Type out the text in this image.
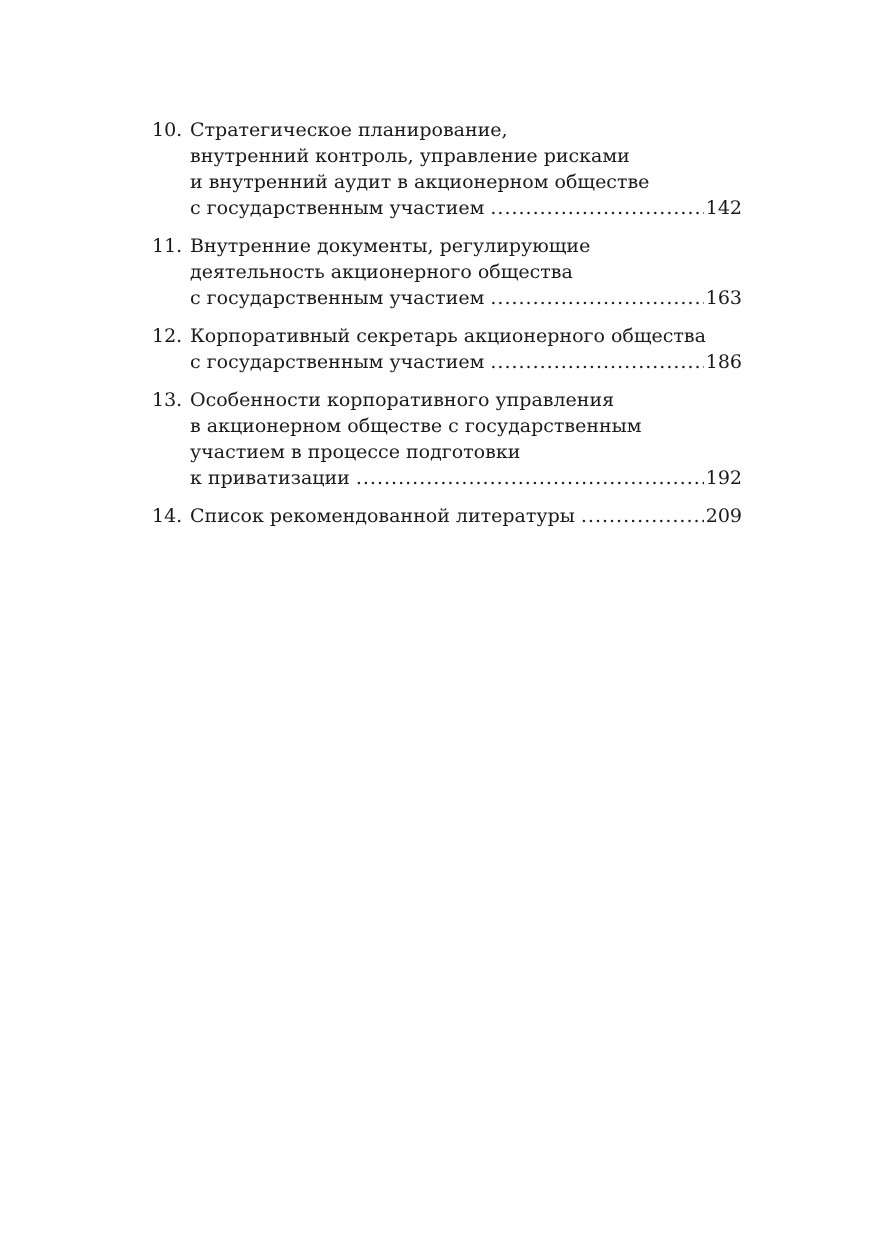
10. Стратегическое планирование,
внутренний контроль, управление рисками
и внутренний аудит в акционерном обществе
с государственным участием .....	142
11. Внутренние документы, регулирующие
деятельность акционерного общества
с государственным участием .....	163
12. Корпоративный секретарь акционерного общества
с государственным участием .....	186
13. Особенности корпоративного управления
в акционерном обществе с государственным
участием в процессе подготовки
к приватизации .....	192
14. Список рекомендованной литературы .....	209
